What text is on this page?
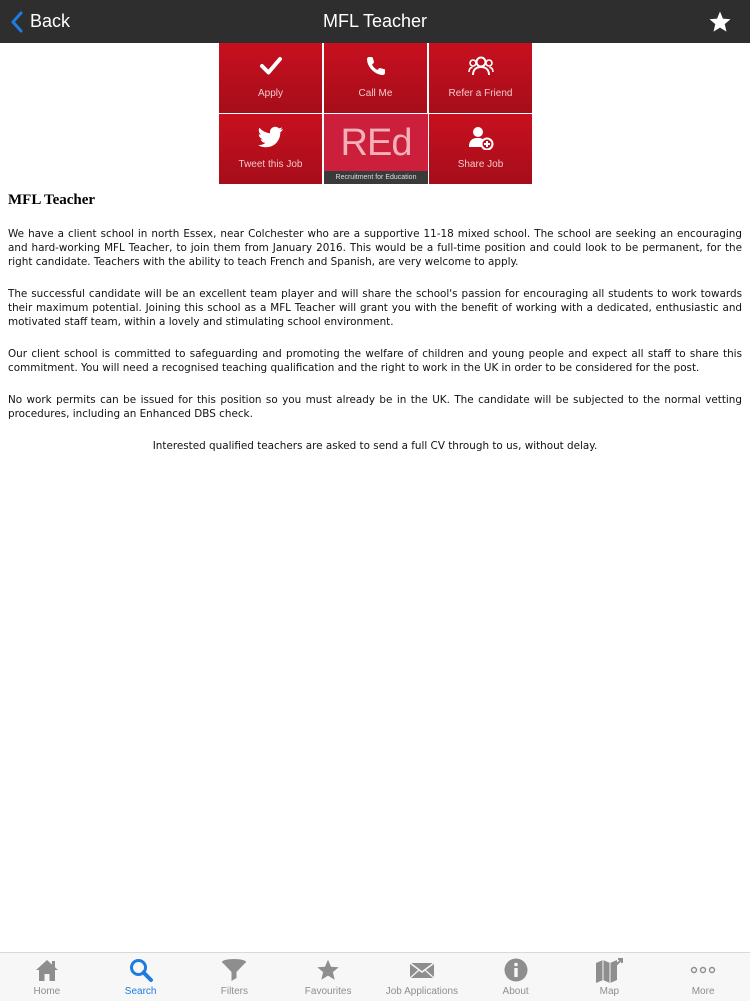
Back	MFL Teacher
Apply	Call Me	Refer a Friend
Tweet this Job
REd
Recruitment for Education
Share Job
MFL Teacher

We have a client school in north Essex, near Colchester who are a supportive 11-18 mixed school. The school are seeking an encouraging and hard-working MFL Teacher, to join them from January 2016. This would be a full-time position and could look to be permanent, for the right candidate. Teachers with the ability to teach French and Spanish, are very welcome to apply.

The successful candidate will be an excellent team player and will share the school's passion for encouraging all students to work towards their maximum potential. Joining this school as a MFL Teacher will grant you with the benefit of working with a dedicated, enthusiastic and motivated staff team, within a lovely and stimulating school environment.

Our client school is committed to safeguarding and promoting the welfare of children and young people and expect all staff to share this commitment. You will need a recognised teaching qualification and the right to work in the UK in order to be considered for the post.

No work permits can be issued for this position so you must already be in the UK. The candidate will be subjected to the normal vetting procedures, including an Enhanced DBS check.

Interested qualified teachers are asked to send a full CV through to us, without delay.

Home	Search	Filters	Favourites	Job Applications	About	Map	More
